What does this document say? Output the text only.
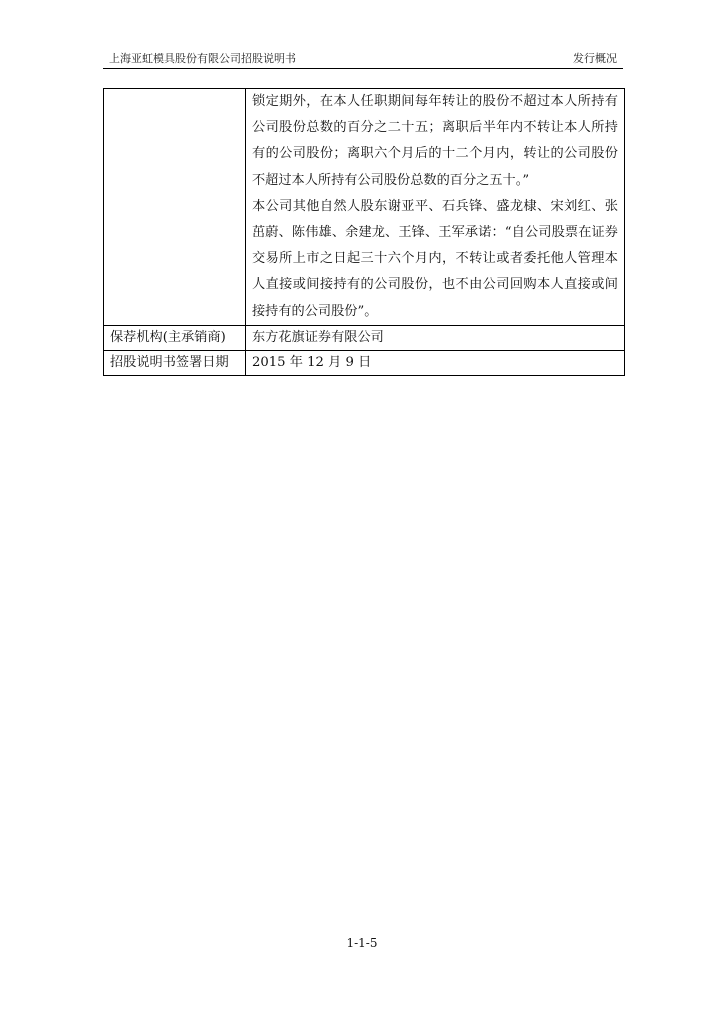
上海亚虹模具股份有限公司招股说明书	发行概况

	锁定期外，在本人任职期间每年转让的股份不超过本人所持有公司股份总数的百分之二十五；离职后半年内不转让本人所持有的公司股份；离职六个月后的十二个月内，转让的公司股份不超过本人所持有公司股份总数的百分之五十。”

本公司其他自然人股东谢亚平、石兵锋、盛龙棣、宋刘红、张茁蔚、陈伟雄、余建龙、王锋、王军承诺：“自公司股票在证券交易所上市之日起三十六个月内，不转让或者委托他人管理本人直接或间接持有的公司股份，也不由公司回购本人直接或间接持有的公司股份”。

保荐机构(主承销商)	东方花旗证券有限公司
招股说明书签署日期	2015 年 12 月 9 日
1-1-5
